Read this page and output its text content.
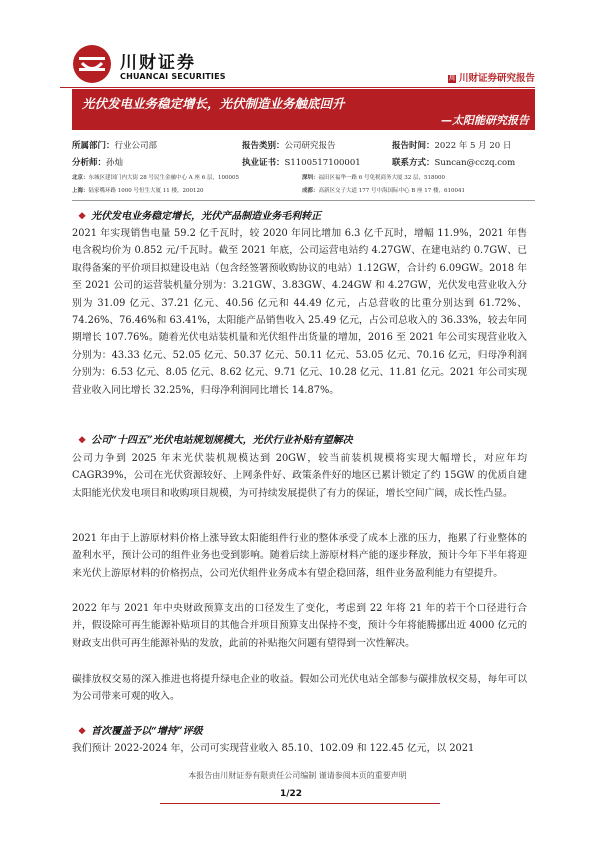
川财证券
CHUANCAI SECURITIES	川 川财证券研究报告
光伏发电业务稳定增长，光伏制造业务触底回升
—太阳能研究报告
所属部门：行业公司部	报告类别：公司研究报告	报告时间：2022 年 5 月 20 日
分析师：孙灿	执业证书：S1100517100001	联系方式：Suncan@cczq.com
北京：东城区建国门内大街 28 号民生金融中心 A 座 6 层，100005	深圳：福田区福华一路 6 号免税商务大厦 32 层，518000
上海：陆家嘴环路 1000 号恒生大厦 11 楼，200120	成都：高新区交子大道 177 号中海国际中心 B 座 17 楼，610041
❖ 光伏发电业务稳定增长，光伏产品制造业务毛利转正
2021 年实现销售电量 59.2 亿千瓦时，较 2020 年同比增加 6.3 亿千瓦时，增幅 11.9%，2021 年售电含税均价为 0.852 元/千瓦时。截至 2021 年底，公司运营电站约 4.27GW、在建电站约 0.7GW、已取得备案的平价项目拟建设电站（包含经签署预收购协议的电站）1.12GW，合计约 6.09GW。2018 年至 2021 公司的运营装机量分别为：3.21GW、3.83GW、4.24GW 和 4.27GW，光伏发电营业收入分别为 31.09 亿元、37.21 亿元、40.56 亿元和 44.49 亿元，占总营收的比重分别达到 61.72%、74.26%、76.46%和 63.41%，太阳能产品销售收入 25.49 亿元，占公司总收入的 36.33%，较去年同期增长 107.76%。随着光伏电站装机量和光伏组件出货量的增加，2016 至 2021 年公司实现营业收入分别为：43.33 亿元、52.05 亿元、50.37 亿元、50.11 亿元、53.05 亿元、70.16 亿元，归母净利润分别为：6.53 亿元、8.05 亿元、8.62 亿元、9.71 亿元、10.28 亿元、11.81 亿元。2021 年公司实现营业收入同比增长 32.25%，归母净利润同比增长 14.87%。
❖ 公司“十四五”光伏电站规划规模大，光伏行业补贴有望解决
公司力争到 2025 年末光伏装机规模达到 20GW，较当前装机规模将实现大幅增长，对应年均 CAGR39%，公司在光伏资源较好、上网条件好、政策条件好的地区已累计锁定了约 15GW 的优质自建太阳能光伏发电项目和收购项目规模，为可持续发展提供了有力的保证，增长空间广阔，成长性凸显。
2021 年由于上游原材料价格上涨导致太阳能组件行业的整体承受了成本上涨的压力，拖累了行业整体的盈利水平，预计公司的组件业务也受到影响。随着后续上游原材料产能的逐步释放，预计今年下半年将迎来光伏上游原材料的价格拐点，公司光伏组件业务成本有望企稳回落，组件业务盈利能力有望提升。
2022 年与 2021 年中央财政预算支出的口径发生了变化，考虑到 22 年将 21 年的若干个口径进行合并，假设除可再生能源补贴项目的其他合并项目预算支出保持不变，预计今年将能腾挪出近 4000 亿元的财政支出供可再生能源补贴的发放，此前的补贴拖欠问题有望得到一次性解决。
碳排放权交易的深入推进也将提升绿电企业的收益。假如公司光伏电站全部参与碳排放权交易，每年可以为公司带来可观的收入。
❖ 首次覆盖予以“增持”评级
我们预计 2022-2024 年，公司可实现营业收入 85.10、102.09 和 122.45 亿元，以 2021
本报告由川财证券有限责任公司编制 谨请参阅本页的重要声明
1/22
